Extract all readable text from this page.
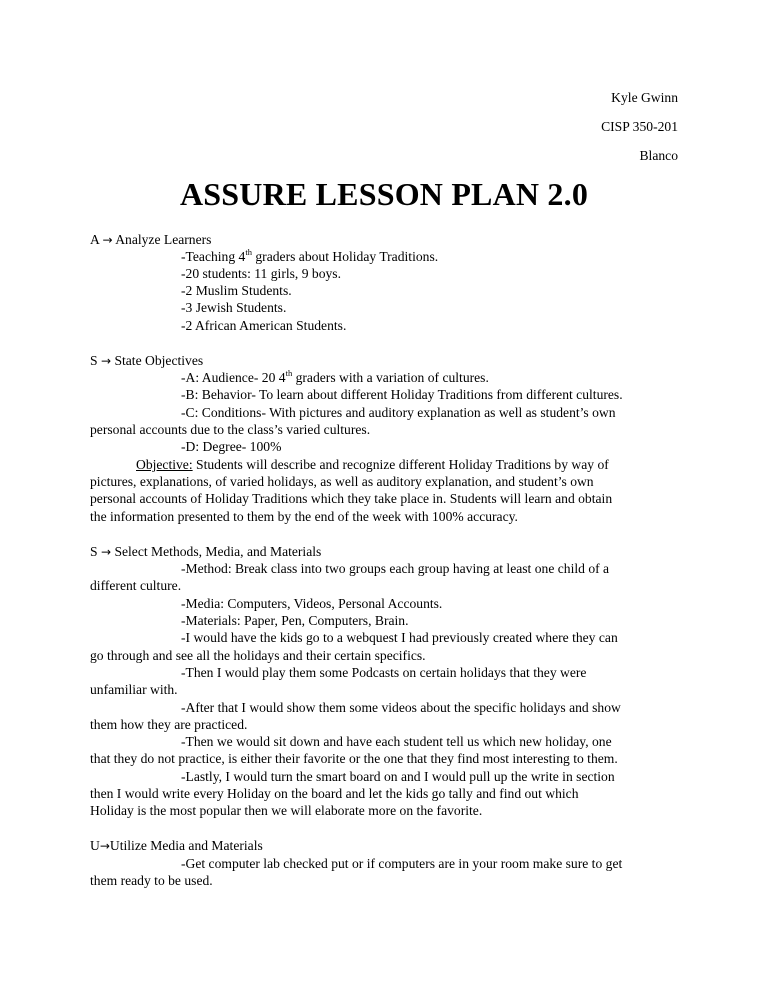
Kyle Gwinn
CISP 350-201
Blanco
ASSURE LESSON PLAN 2.0
A → Analyze Learners
-Teaching 4th graders about Holiday Traditions.
-20 students: 11 girls, 9 boys.
-2 Muslim Students.
-3 Jewish Students.
-2 African American Students.
S → State Objectives
-A: Audience- 20 4th graders with a variation of cultures.
-B: Behavior- To learn about different Holiday Traditions from different cultures.
-C: Conditions- With pictures and auditory explanation as well as student’s own
personal accounts due to the class’s varied cultures.
-D: Degree- 100%
Objective: Students will describe and recognize different Holiday Traditions by way of
pictures, explanations, of varied holidays, as well as auditory explanation, and student’s own
personal accounts of Holiday Traditions which they take place in. Students will learn and obtain
the information presented to them by the end of the week with 100% accuracy.
S → Select Methods, Media, and Materials
-Method: Break class into two groups each group having at least one child of a
different culture.
-Media: Computers, Videos, Personal Accounts.
-Materials: Paper, Pen, Computers, Brain.
-I would have the kids go to a webquest I had previously created where they can
go through and see all the holidays and their certain specifics.
-Then I would play them some Podcasts on certain holidays that they were
unfamiliar with.
-After that I would show them some videos about the specific holidays and show
them how they are practiced.
-Then we would sit down and have each student tell us which new holiday, one
that they do not practice, is either their favorite or the one that they find most interesting to them.
-Lastly, I would turn the smart board on and I would pull up the write in section
then I would write every Holiday on the board and let the kids go tally and find out which
Holiday is the most popular then we will elaborate more on the favorite.
U→Utilize Media and Materials
-Get computer lab checked put or if computers are in your room make sure to get
them ready to be used.
